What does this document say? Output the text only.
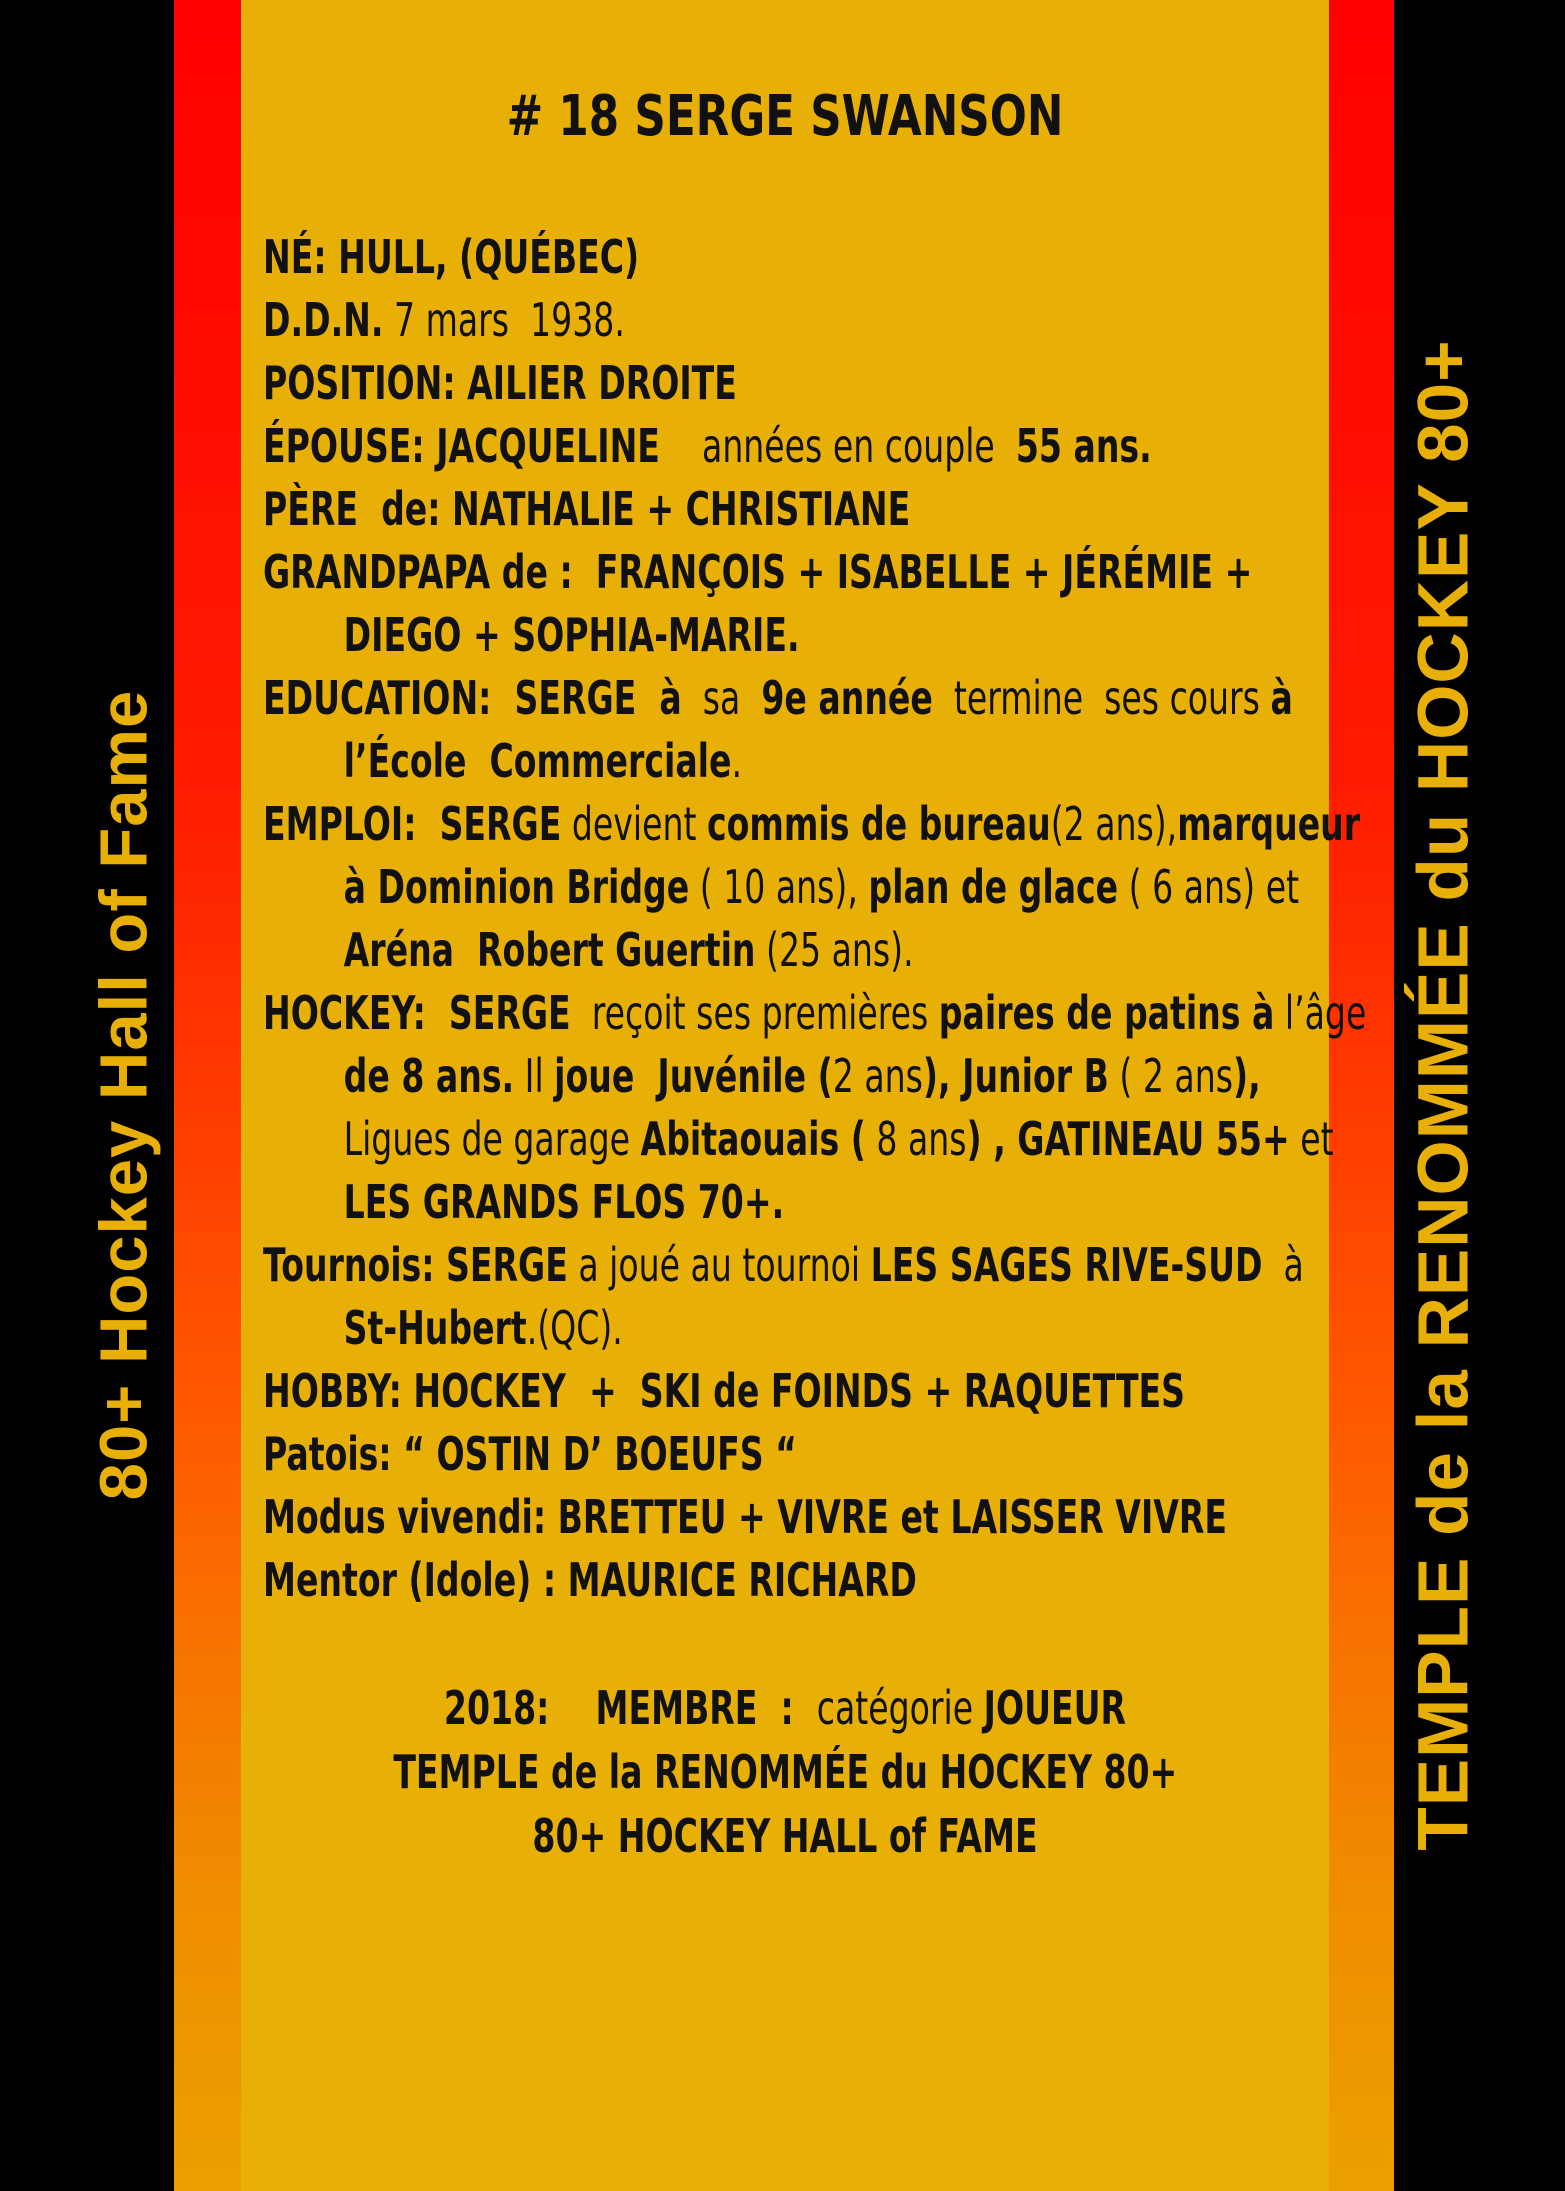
80+ Hockey Hall of Fame	TEMPLE de la RENOMMÉE du HOCKEY 80+
# 18 SERGE SWANSON
NÉ: HULL, (QUÉBEC)
D.D.N. 7 mars  1938.
POSITION: AILIER DROITE
ÉPOUSE: JACQUELINE    années en couple  55 ans.
PÈRE  de: NATHALIE + CHRISTIANE
GRANDPAPA de :  FRANÇOIS + ISABELLE + JÉRÉMIE +
DIEGO + SOPHIA-MARIE.
EDUCATION:  SERGE  à  sa  9e année  termine  ses cours à
l’École  Commerciale.
EMPLOI:  SERGE devient commis de bureau(2 ans),marqueur
à Dominion Bridge ( 10 ans), plan de glace ( 6 ans) et
Aréna  Robert Guertin (25 ans).
HOCKEY:  SERGE  reçoit ses premières paires de patins à l’âge
de 8 ans. Il joue  Juvénile (2 ans), Junior B ( 2 ans),
Ligues de garage Abitaouais ( 8 ans) , GATINEAU 55+ et
LES GRANDS FLOS 70+.
Tournois: SERGE a joué au tournoi LES SAGES RIVE-SUD  à
St-Hubert.(QC).
HOBBY: HOCKEY  +  SKI de FOINDS + RAQUETTES
Patois: “ OSTIN D’ BOEUFS “
Modus vivendi: BRETTEU + VIVRE et LAISSER VIVRE
Mentor (Idole) : MAURICE RICHARD
2018:    MEMBRE  :  catégorie JOUEUR
TEMPLE de la RENOMMÉE du HOCKEY 80+
80+ HOCKEY HALL of FAME
